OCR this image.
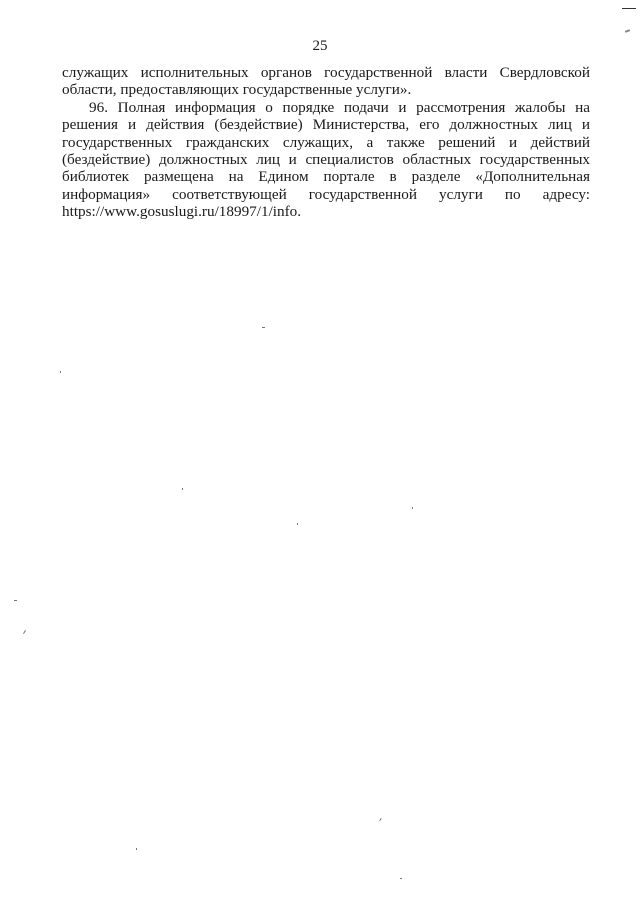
25

служащих исполнительных органов государственной власти Свердловской области, предоставляющих государственные услуги».

96. Полная информация о порядке подачи и рассмотрения жалобы на решения и действия (бездействие) Министерства, его должностных лиц и государственных гражданских служащих, а также решений и действий (бездействие) должностных лиц и специалистов областных государственных библиотек размещена на Едином портале в разделе «Дополнительная информация» соответствующей государственной услуги по адресу: https://www.gosuslugi.ru/18997/1/info.
